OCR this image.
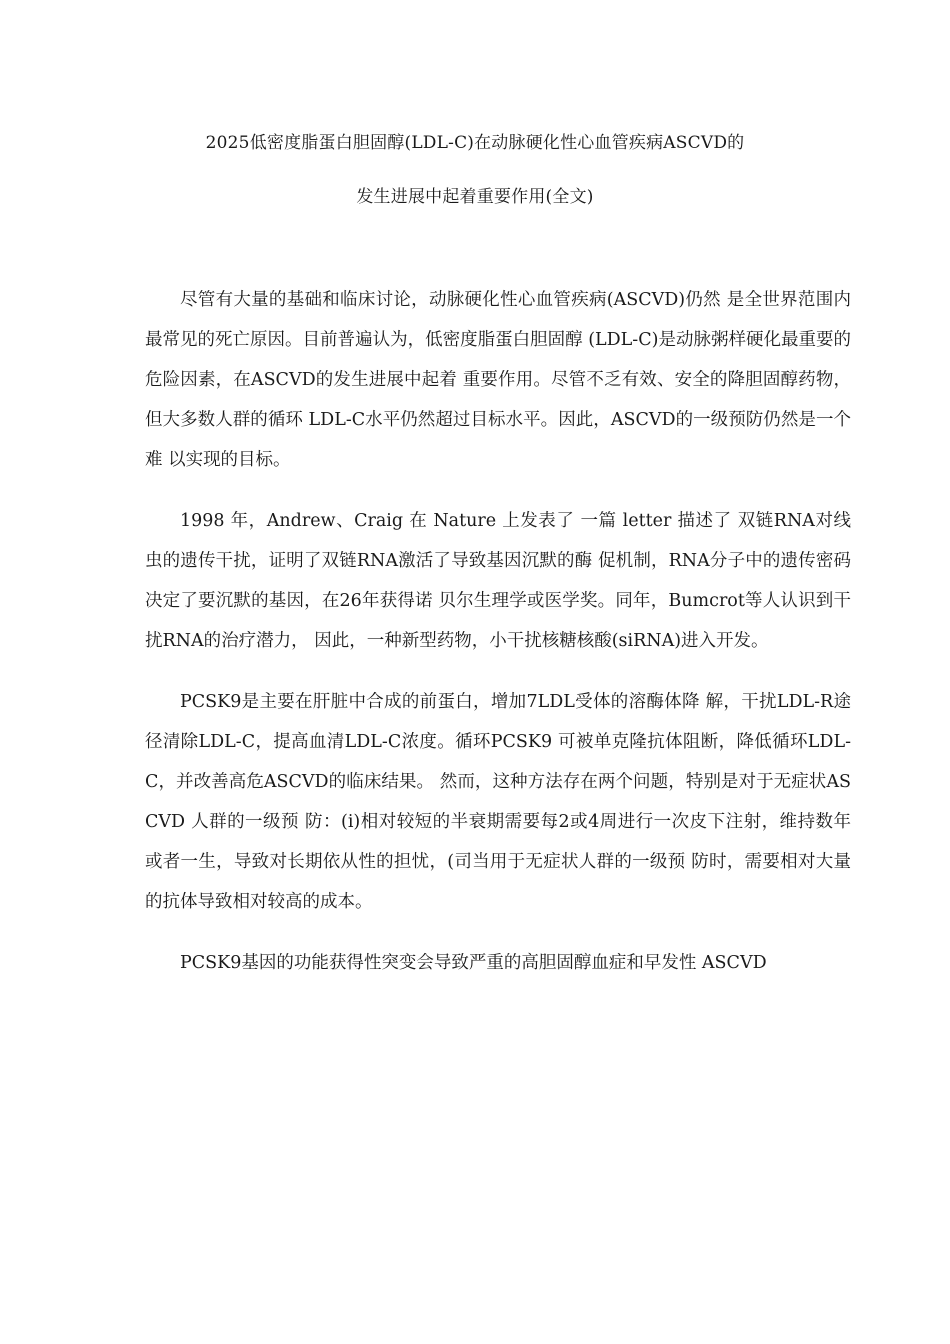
2025低密度脂蛋白胆固醇(LDL-C)在动脉硬化性心血管疾病ASCVD的
发生进展中起着重要作用(全文)

尽管有大量的基础和临床讨论，动脉硬化性心血管疾病(ASCVD)仍然 是全世界范围内最常见的死亡原因。目前普遍认为，低密度脂蛋白胆固醇 (LDL-C)是动脉粥样硬化最重要的危险因素，在ASCVD的发生进展中起着 重要作用。尽管不乏有效、安全的降胆固醇药物，但大多数人群的循环 LDL-C水平仍然超过目标水平。因此，ASCVD的一级预防仍然是一个难 以实现的目标。

1998 年，Andrew、Craig 在 Nature 上发表了 一篇 letter 描述了 双链RNA对线虫的遗传干扰，证明了双链RNA激活了导致基因沉默的酶 促机制，RNA分子中的遗传密码决定了要沉默的基因，在26年获得诺 贝尔生理学或医学奖。同年，Bumcrot等人认识到干扰RNA的治疗潜力， 因此，一种新型药物，小干扰核糖核酸(siRNA)进入开发。

PCSK9是主要在肝脏中合成的前蛋白，增加7LDL受体的溶酶体降 解，干扰LDL-R途径清除LDL-C，提高血清LDL-C浓度。循环PCSK9 可被单克隆抗体阻断，降低循环LDL-C，并改善高危ASCVD的临床结果。 然而，这种方法存在两个问题，特别是对于无症状ASCVD 人群的一级预 防：(i)相对较短的半衰期需要每2或4周进行一次皮下注射，维持数年 或者一生，导致对长期依从性的担忧，(司当用于无症状人群的一级预 防时，需要相对大量的抗体导致相对较高的成本。

PCSK9基因的功能获得性突变会导致严重的高胆固醇血症和早发性 ASCVD
